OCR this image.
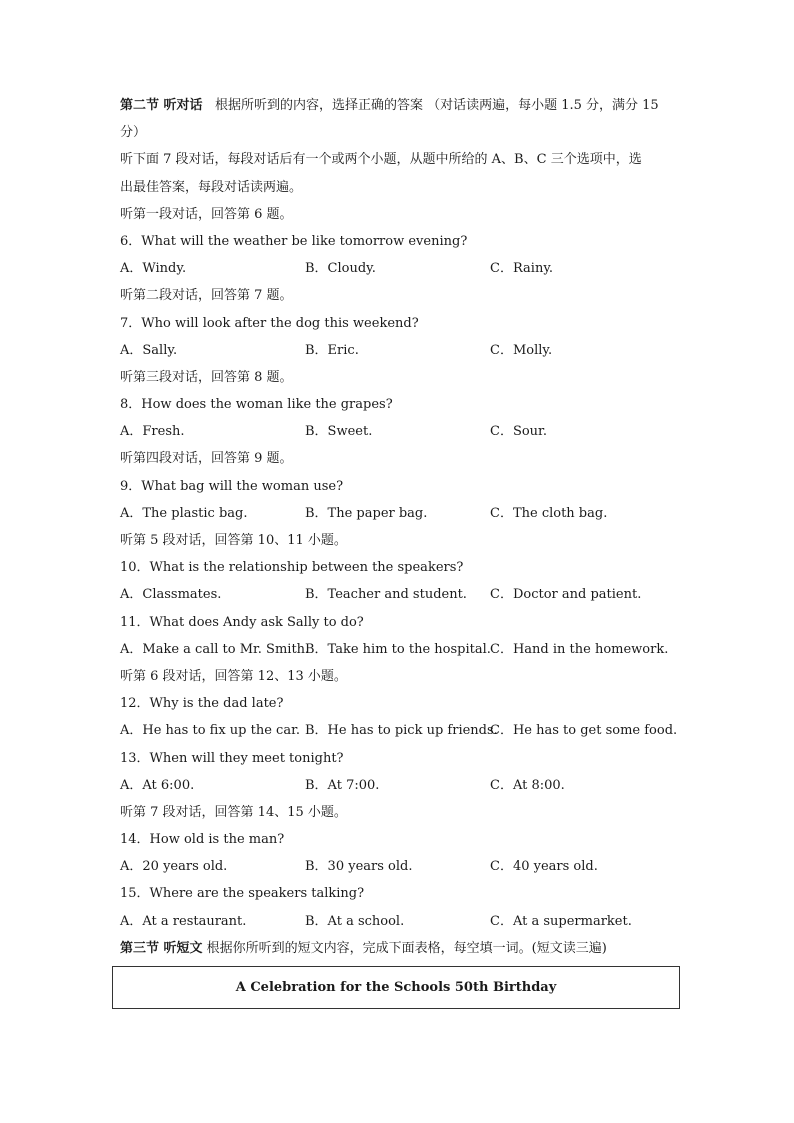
第二节 听对话 根据所听到的内容，选择正确的答案 （对话读两遍，每小题 1.5 分，满分 15
分）
听下面 7 段对话，每段对话后有一个或两个小题，从题中所给的 A、B、C 三个选项中，选
出最佳答案，每段对话读两遍。
听第一段对话，回答第 6 题。
6．What will the weather be like tomorrow evening?
A．Windy.	B．Cloudy.	C．Rainy.
听第二段对话，回答第 7 题。
7．Who will look after the dog this weekend?
A．Sally.	B．Eric.	C．Molly.
听第三段对话，回答第 8 题。
8．How does the woman like the grapes?
A．Fresh.	B．Sweet.	C．Sour.
听第四段对话，回答第 9 题。
9．What bag will the woman use?
A．The plastic bag.	B．The paper bag.	C．The cloth bag.
听第 5 段对话，回答第 10、11 小题。
10．What is the relationship between the speakers?
A．Classmates.	B．Teacher and student.	C．Doctor and patient.
11．What does Andy ask Sally to do?
A．Make a call to Mr. Smith.
B．Take him to the hospital. C．Hand in the homework.
听第 6 段对话，回答第 12、13 小题。
12．Why is the dad late?
A．He has to fix up the car. B．He has to pick up friends.
C．He has to get some food.
13．When will they meet tonight?
A．At 6:00.	B．At 7:00.	C．At 8:00.
听第 7 段对话，回答第 14、15 小题。
14．How old is the man?
A．20 years old.	B．30 years old.	C．40 years old.
15．Where are the speakers talking?
A．At a restaurant.	B．At a school.	C．At a supermarket.
第三节 听短文 根据你所听到的短文内容，完成下面表格，每空填一词。(短文读三遍)
A Celebration for the Schools 50th Birthday
